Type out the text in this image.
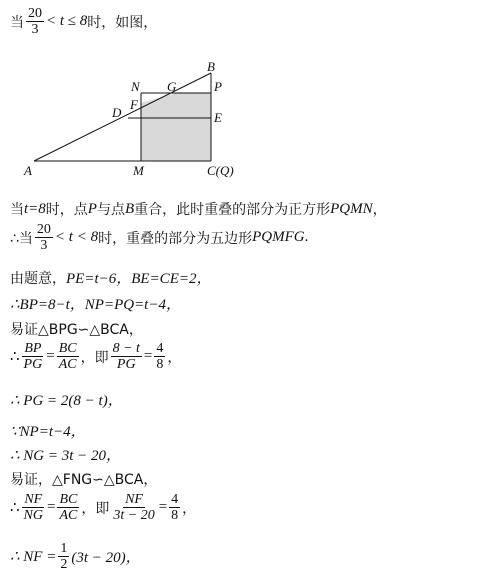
当 $\frac{20}{3} < t \le 8$ 时，如图，
A
B
N G	P
D
F
E
M	C(Q)
当 t=8 时，点 P 与点 B 重合，此时重叠的部分为正方形 PQMN ，
∴当 $\frac{20}{3} < t < 8$ 时，重叠的部分为五边形 PQMFG .
由题意， PE=t−6，BE=CE=2，
∴BP=8−t，NP=PQ=t−4，
易证△BPG∽△BCA，
∴ $\frac{BP}{PG} = \frac{BC}{AC}$ ，即 $\frac{8 - t}{PG} = \frac{4}{8}$ ，
∴ PG = 2(8 − t)，
∵NP=t−4，
∴ NG = 3t − 20，
易证，△FNG∽△BCA，
∴ $\frac{NF}{NG} = \frac{BC}{AC}$ ，即 $\frac{NF}{3t - 20} = \frac{4}{8}$ ，
∴ NF = $\frac{1}{2} (3t - 20)$，
